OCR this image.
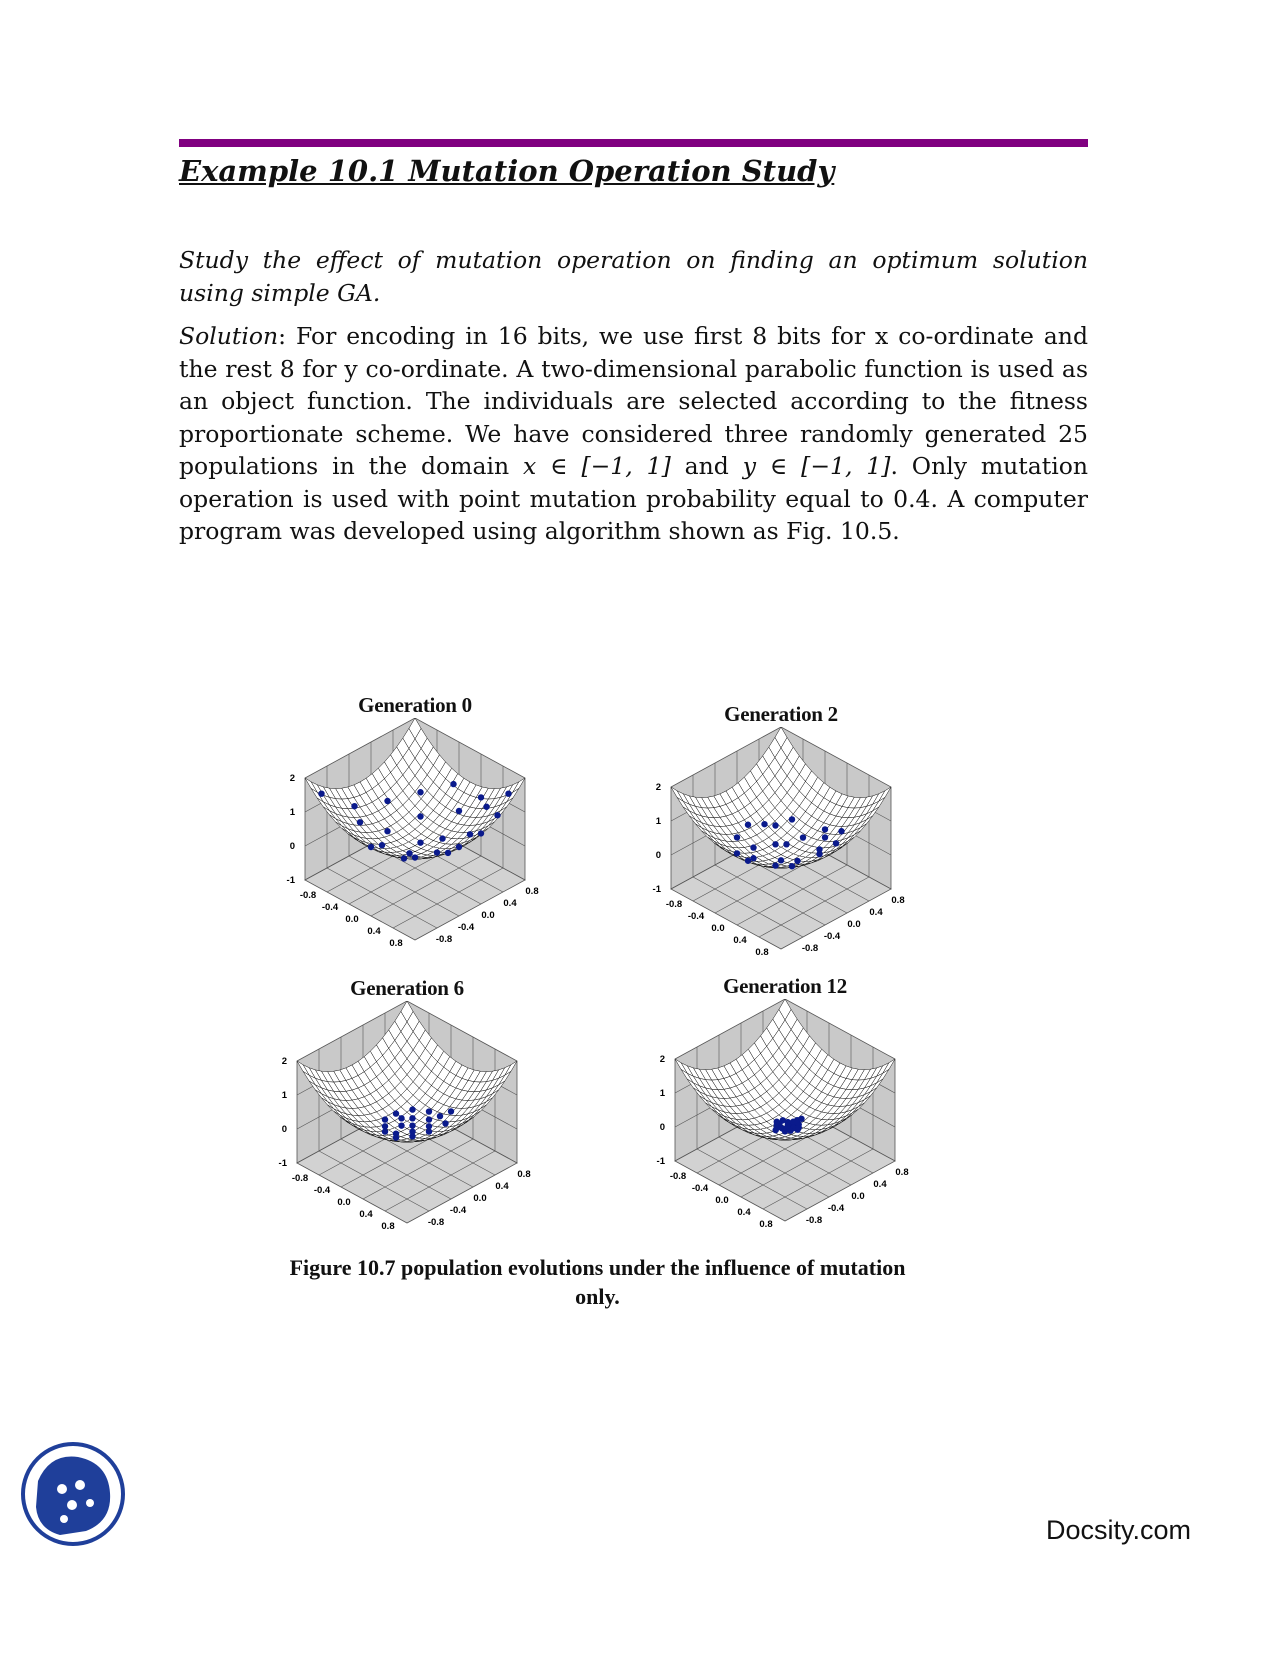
Example 10.1 Mutation Operation Study
Study the effect of mutation operation on finding an optimum solution using simple GA.
Solution: For encoding in 16 bits, we use first 8 bits for x co-ordinate and the rest 8 for y co-ordinate. A two-dimensional parabolic function is used as an object function. The individuals are selected according to the fitness proportionate scheme. We have considered three randomly generated 25 populations in the domain x ∈ [−1, 1] and y ∈ [−1, 1]. Only mutation operation is used with point mutation probability equal to 0.4. A computer program was developed using algorithm shown as Fig. 10.5.
Generation 0
2
1
0
-1
-0.8
-0.4
0.0
0.4
0.8
0.8
0.4
0.0
-0.4
-0.8
Generation 2
2
1
0
-1
-0.8
-0.4
0.0
0.4
0.8
0.8
0.4
0.0
-0.4
-0.8
Generation 6
2
1
0
-1
-0.8
-0.4
0.0
0.4
0.8
0.8
0.4
0.0
-0.4
-0.8
Generation 12
2
1
0
-1
-0.8
-0.4
0.0
0.4
0.8
0.8
0.4
0.0
-0.4
-0.8
Figure 10.7 population evolutions under the influence of mutation
only.
Docsity.com
